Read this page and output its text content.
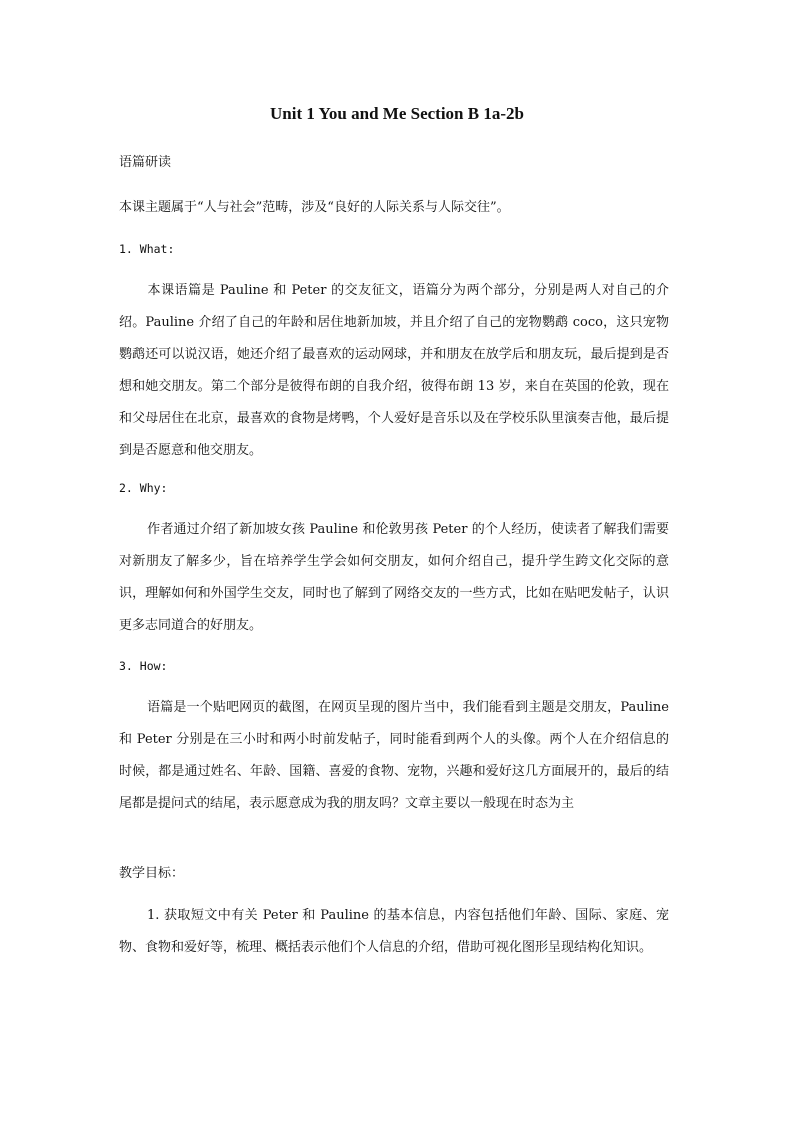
Unit 1 You and Me Section B 1a-2b
语篇研读
本课主题属于“人与社会”范畴，涉及“良好的人际关系与人际交往”。
1. What:
本课语篇是 Pauline 和 Peter 的交友征文，语篇分为两个部分，分别是两人对自己的介绍。Pauline 介绍了自己的年龄和居住地新加坡，并且介绍了自己的宠物鹦鹉 coco，这只宠物鹦鹉还可以说汉语，她还介绍了最喜欢的运动网球，并和朋友在放学后和朋友玩，最后提到是否想和她交朋友。第二个部分是彼得布朗的自我介绍，彼得布朗 13 岁，来自在英国的伦敦，现在和父母居住在北京，最喜欢的食物是烤鸭，个人爱好是音乐以及在学校乐队里演奏吉他，最后提到是否愿意和他交朋友。
2. Why:
作者通过介绍了新加坡女孩 Pauline 和伦敦男孩 Peter 的个人经历，使读者了解我们需要对新朋友了解多少，旨在培养学生学会如何交朋友，如何介绍自己，提升学生跨文化交际的意识，理解如何和外国学生交友，同时也了解到了网络交友的一些方式，比如在贴吧发帖子，认识更多志同道合的好朋友。
3. How:
语篇是一个贴吧网页的截图，在网页呈现的图片当中，我们能看到主题是交朋友，Pauline 和 Peter 分别是在三小时和两小时前发帖子，同时能看到两个人的头像。两个人在介绍信息的时候，都是通过姓名、年龄、国籍、喜爱的食物、宠物，兴趣和爱好这几方面展开的，最后的结尾都是提问式的结尾，表示愿意成为我的朋友吗？文章主要以一般现在时态为主
教学目标：
1. 获取短文中有关 Peter 和 Pauline 的基本信息，内容包括他们年龄、国际、家庭、宠物、食物和爱好等，梳理、概括表示他们个人信息的介绍，借助可视化图形呈现结构化知识。
